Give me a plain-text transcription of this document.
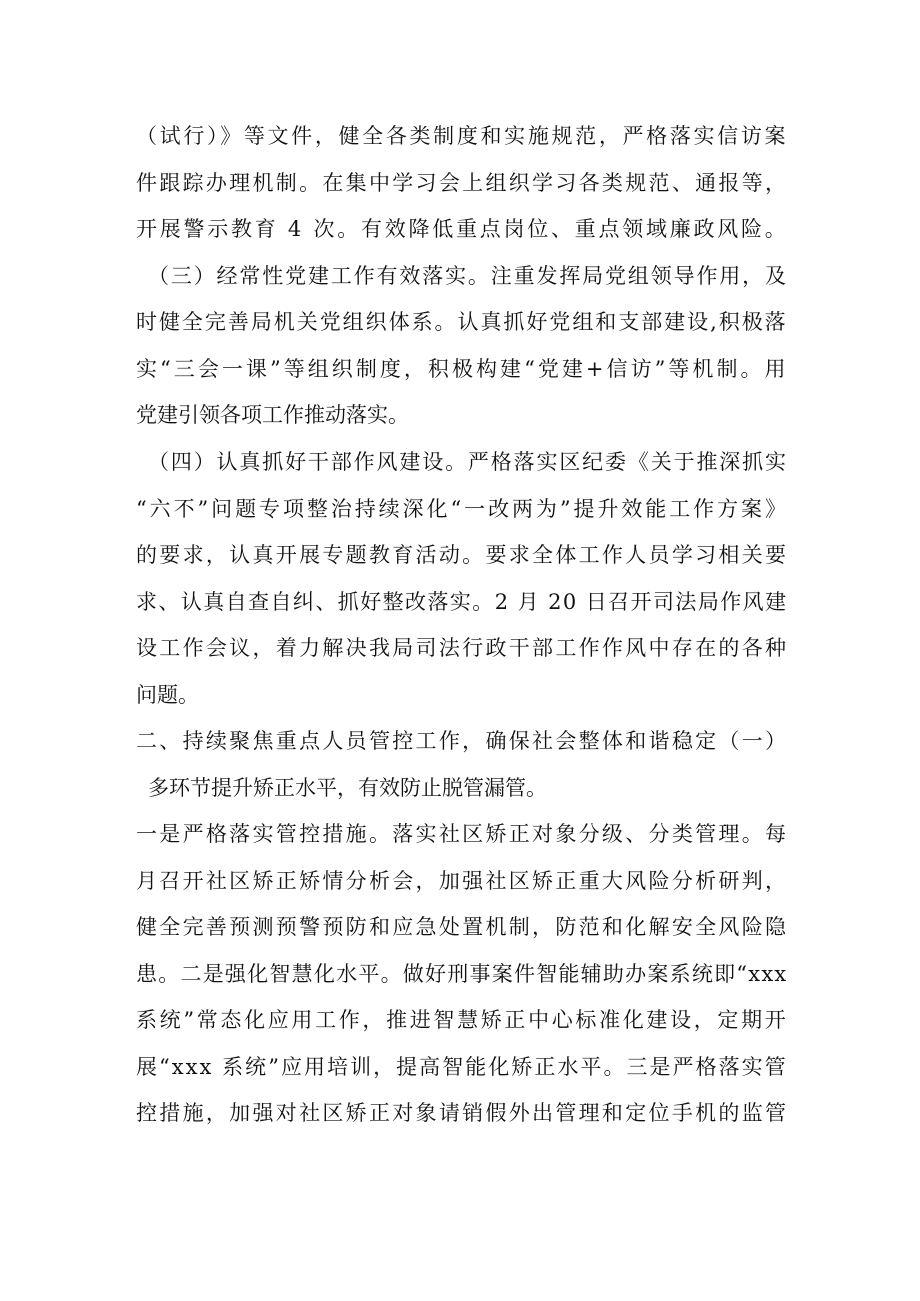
（试行）》等文件，健全各类制度和实施规范，严格落实信访案
件跟踪办理机制。在集中学习会上组织学习各类规范、通报等，
开展警示教育 4 次。有效降低重点岗位、重点领域廉政风险。
（三）经常性党建工作有效落实。注重发挥局党组领导作用，及
时健全完善局机关党组织体系。认真抓好党组和支部建设,积极落
实“三会一课”等组织制度，积极构建“党建+信访”等机制。用
党建引领各项工作推动落实。
（四）认真抓好干部作风建设。严格落实区纪委《关于推深抓实
“六不”问题专项整治持续深化“一改两为”提升效能工作方案》
的要求，认真开展专题教育活动。要求全体工作人员学习相关要
求、认真自查自纠、抓好整改落实。2 月 20 日召开司法局作风建
设工作会议，着力解决我局司法行政干部工作作风中存在的各种
问题。
二、持续聚焦重点人员管控工作，确保社会整体和谐稳定（一）
多环节提升矫正水平，有效防止脱管漏管。
一是严格落实管控措施。落实社区矫正对象分级、分类管理。每
月召开社区矫正矫情分析会，加强社区矫正重大风险分析研判，
健全完善预测预警预防和应急处置机制，防范和化解安全风险隐
患。二是强化智慧化水平。做好刑事案件智能辅助办案系统即“xxx
系统”常态化应用工作，推进智慧矫正中心标准化建设，定期开
展“xxx 系统”应用培训，提高智能化矫正水平。三是严格落实管
控措施，加强对社区矫正对象请销假外出管理和定位手机的监管
